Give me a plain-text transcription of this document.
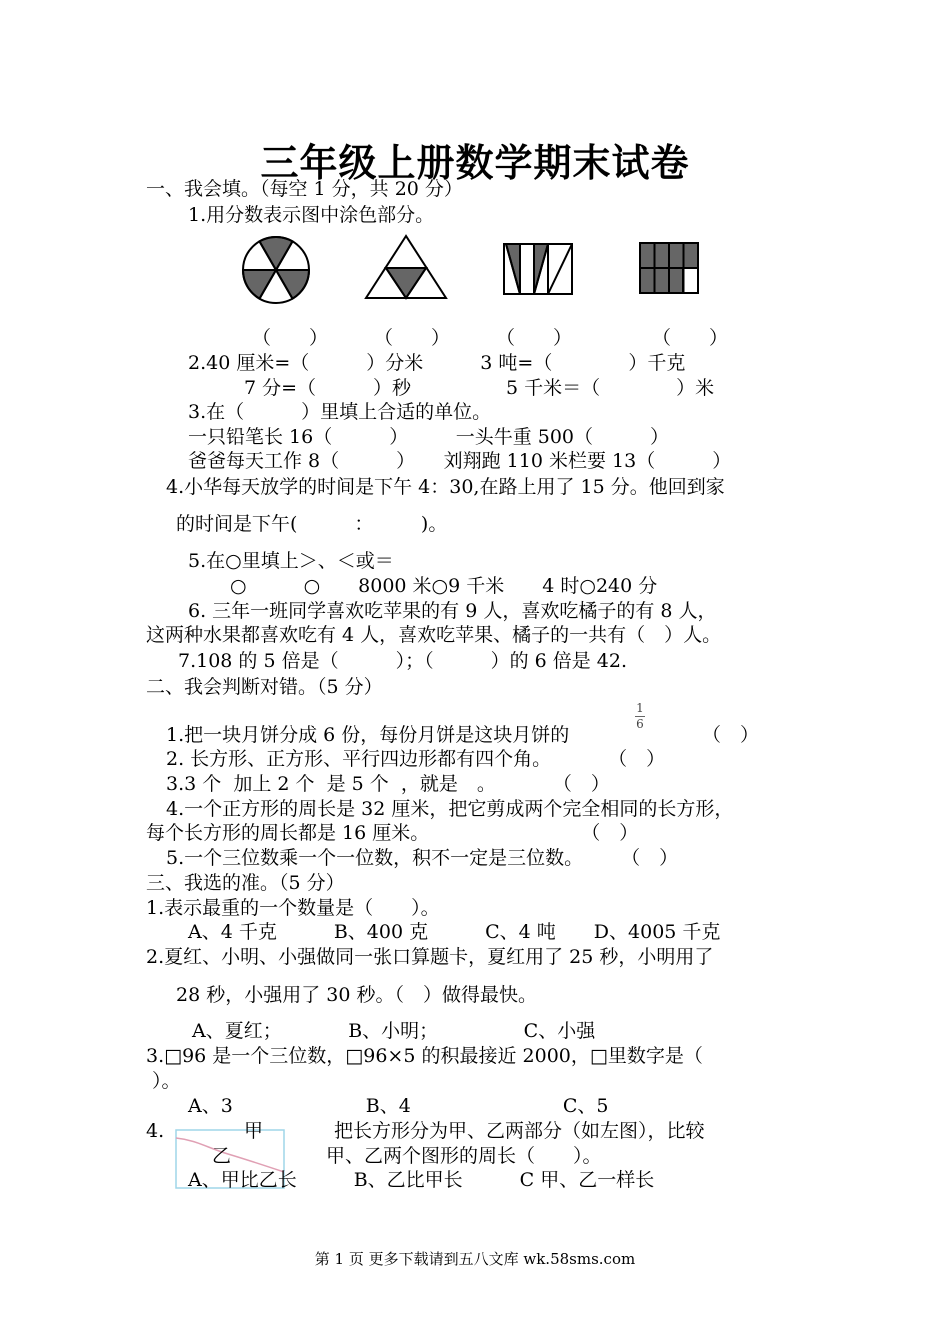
三年级上册数学期末试卷
一、我会填。（每空 1 分，共 20 分）
1.用分数表示图中涂色部分。
（　　） （　　） （　　）	（　　）
2.40 厘米=（　　　）分米　　　3 吨=（　　　　）千克
7 分=（　　　）秒　　　　　5 千米＝（　　　　）米
3.在（　　　）里填上合适的单位。
一只铅笔长 16（　　　）　　　一头牛重 500（　　　）
爸爸每天工作 8（　　　）　　刘翔跑 110 米栏要 13（　　　）
4.小华每天放学的时间是下午 4：30,在路上用了 15 分。他回到家
的时间是下午(　　　：　　　)。
5.在○里填上＞、＜或＝
○　　　○　　8000 米○9 千米　　4 时○240 分
6. 三年一班同学喜欢吃苹果的有 9 人，喜欢吃橘子的有 8 人，
这两种水果都喜欢吃有 4 人，喜欢吃苹果、橘子的一共有（　）人。
7.108 的 5 倍是（　　　）；（　　　）的 6 倍是 42.
二、我会判断对错。（5 分）
1.把一块月饼分成 6 份，每份月饼是这块月饼的
1
6	（　）
2. 长方形、正方形、平行四边形都有四个角。　　　　（　）
3.3 个  加上 2 个  是 5 个  ，就是　。　　　　（　）
4.一个正方形的周长是 32 厘米，把它剪成两个完全相同的长方形，
每个长方形的周长都是 16 厘米。　　　　　　　　　（　）
5.一个三位数乘一个一位数，积不一定是三位数。　　　（　）
三、我选的准。（5 分）
1.表示最重的一个数量是（　　）。
A、4 千克　　　B、400 克　　　C、4 吨　　D、4005 千克
2.夏红、小明、小强做同一张口算题卡，夏红用了 25 秒，小明用了
28 秒，小强用了 30 秒。（　）做得最快。
A、夏红；　　　　B、小明；　　　　　C、小强
3.□96 是一个三位数，□96×5 的积最接近 2000，□里数字是（
）。
A、3　　　　　　　B、4　　　　　　　　C、5
4.	甲
乙
把长方形分为甲、乙两部分（如左图），比较
甲、乙两个图形的周长（　　）。
A、甲比乙长　　　B、乙比甲长　　　C 甲、乙一样长
第 1 页 更多下载请到五八文库 wk.58sms.com
